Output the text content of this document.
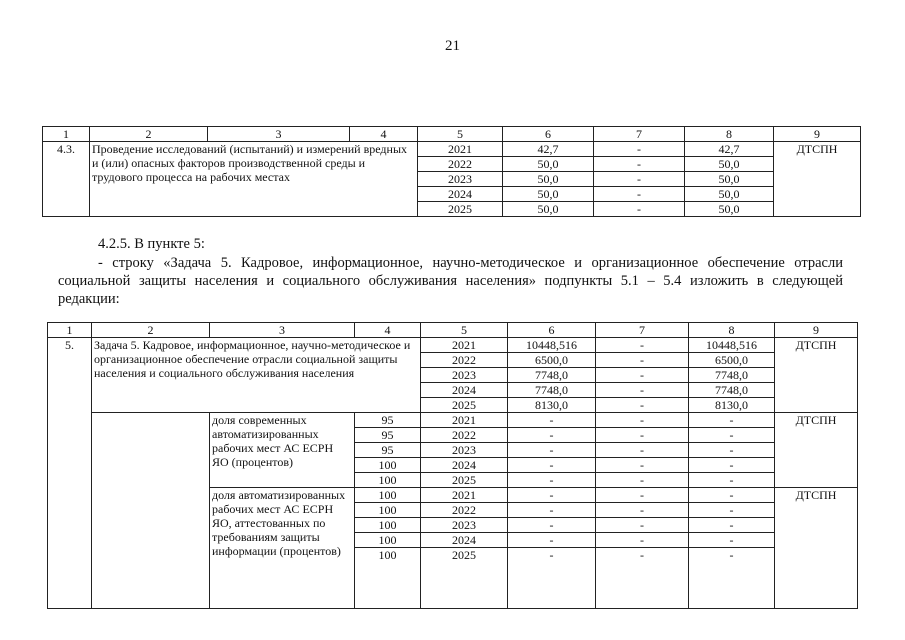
21
1	2	3	4	5	6	7	8	9
4.3.	Проведение исследований (испытаний) и измерений вредных и (или) опасных факторов производственной среды и трудового процесса на рабочих местах			2021	42,7	-	42,7	ДТСПН
				2022	50,0	-	50,0	
				2023	50,0	-	50,0	
				2024	50,0	-	50,0	
				2025	50,0	-	50,0	
4.2.5. В пункте 5:
- строку «Задача 5. Кадровое, информационное, научно-методическое и организационное обеспечение отрасли социальной защиты населения и социального обслуживания населения» подпункты 5.1 – 5.4 изложить в следующей редакции:
1	2	3	4	5	6	7	8	9
5.	Задача 5. Кадровое, информационное, научно-методическое и организационное обеспечение отрасли социальной защиты населения и социального обслуживания населения			2021	10448,516	-	10448,516	ДТСПН
				2022	6500,0	-	6500,0	
				2023	7748,0	-	7748,0	
				2024	7748,0	-	7748,0	
				2025	8130,0	-	8130,0	
		доля современных автоматизированных рабочих мест АС ЕСРН ЯО (процентов)	95	2021	-	-	-	ДТСПН
			95	2022	-	-	-	
			95	2023	-	-	-	
			100	2024	-	-	-	
			100	2025	-	-	-	
		доля автоматизированных рабочих мест АС ЕСРН ЯО, аттестованных по требованиям защиты информации (процентов)	100	2021	-	-	-	ДТСПН
			100	2022	-	-	-	
			100	2023	-	-	-	
			100	2024	-	-	-	
			100	2025	-	-	-	
